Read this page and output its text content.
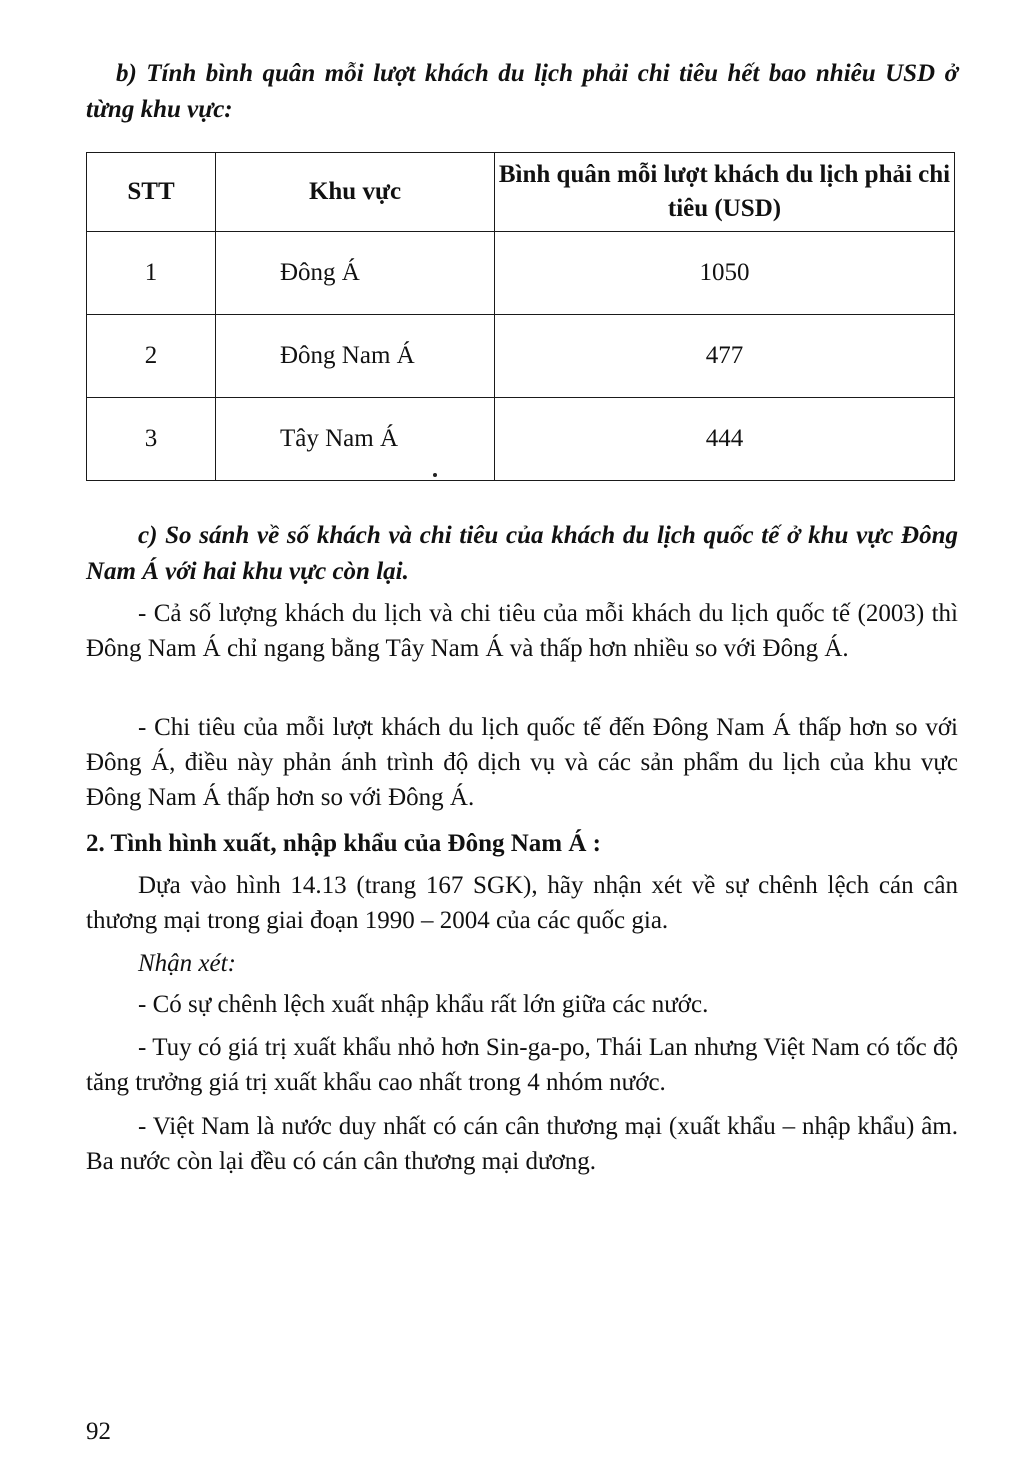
b) Tính bình quân mỗi lượt khách du lịch phải chi tiêu hết bao nhiêu USD ở từng khu vực:
STT	Khu vực	Bình quân mỗi lượt khách du lịch phải chi tiêu (USD)
1	Đông Á	1050
2	Đông Nam Á	477
3	Tây Nam Á	444
c) So sánh về số khách và chi tiêu của khách du lịch quốc tế ở khu vực Đông Nam Á với hai khu vực còn lại.

- Cả số lượng khách du lịch và chi tiêu của mỗi khách du lịch quốc tế (2003) thì Đông Nam Á chỉ ngang bằng Tây Nam Á và thấp hơn nhiều so với Đông Á.

- Chi tiêu của mỗi lượt khách du lịch quốc tế đến Đông Nam Á thấp hơn so với Đông Á, điều này phản ánh trình độ dịch vụ và các sản phẩm du lịch của khu vực Đông Nam Á thấp hơn so với Đông Á.

2. Tình hình xuất, nhập khẩu của Đông Nam Á :

Dựa vào hình 14.13 (trang 167 SGK), hãy nhận xét về sự chênh lệch cán cân thương mại trong giai đoạn 1990 – 2004 của các quốc gia.

Nhận xét:

- Có sự chênh lệch xuất nhập khẩu rất lớn giữa các nước.

- Tuy có giá trị xuất khẩu nhỏ hơn Sin-ga-po, Thái Lan nhưng Việt Nam có tốc độ tăng trưởng giá trị xuất khẩu cao nhất trong 4 nhóm nước.

- Việt Nam là nước duy nhất có cán cân thương mại (xuất khẩu – nhập khẩu) âm. Ba nước còn lại đều có cán cân thương mại dương.

92
